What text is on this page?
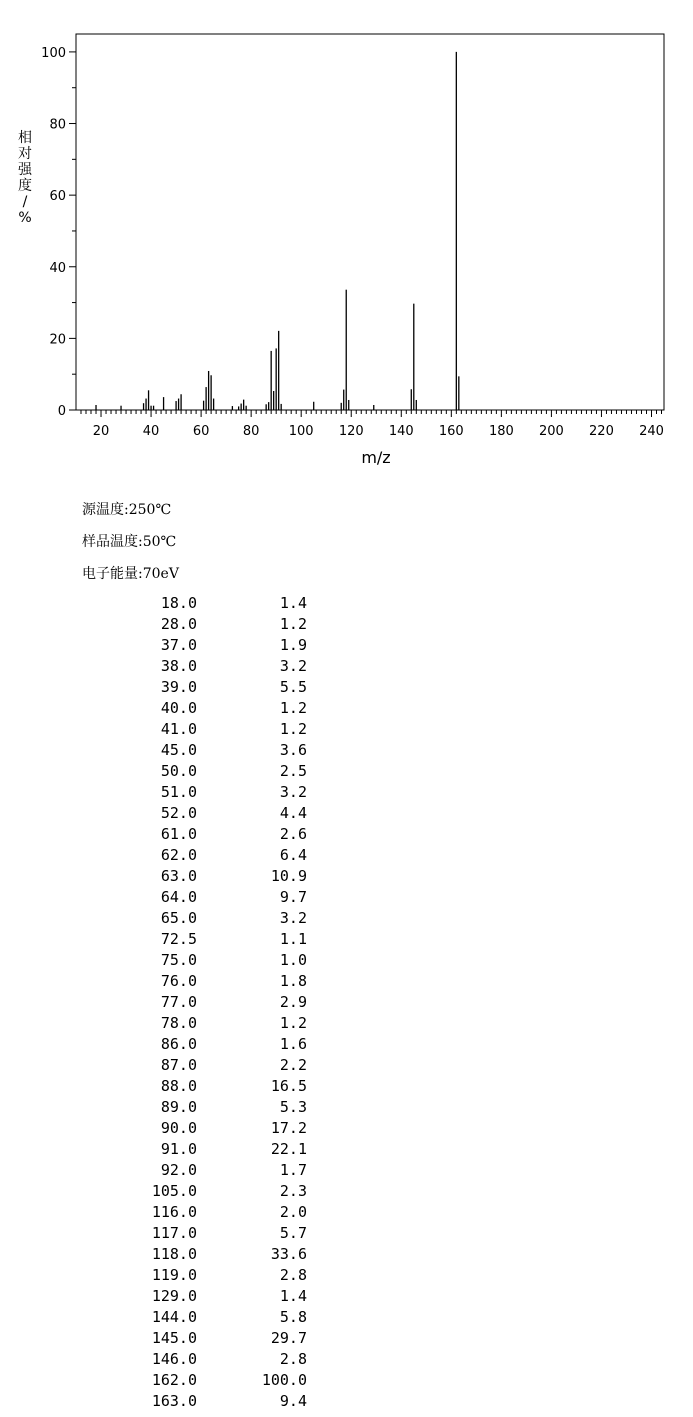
20	40	60	80 100 120 140 160 180 200 220 240
0
20
40
60
80
100
m/z
相
对
强
度
/
%
源温度:250℃
样品温度:50℃
电子能量:70eV
18.0	1.4
28.0	1.2
37.0	1.9
38.0	3.2
39.0	5.5
40.0	1.2
41.0	1.2
45.0	3.6
50.0	2.5
51.0	3.2
52.0	4.4
61.0	2.6
62.0	6.4
63.0	10.9
64.0	9.7
65.0	3.2
72.5	1.1
75.0	1.0
76.0	1.8
77.0	2.9
78.0	1.2
86.0	1.6
87.0	2.2
88.0	16.5
89.0	5.3
90.0	17.2
91.0	22.1
92.0	1.7
105.0	2.3
116.0	2.0
117.0	5.7
118.0	33.6
119.0	2.8
129.0	1.4
144.0	5.8
145.0	29.7
146.0	2.8
162.0	100.0
163.0	9.4
